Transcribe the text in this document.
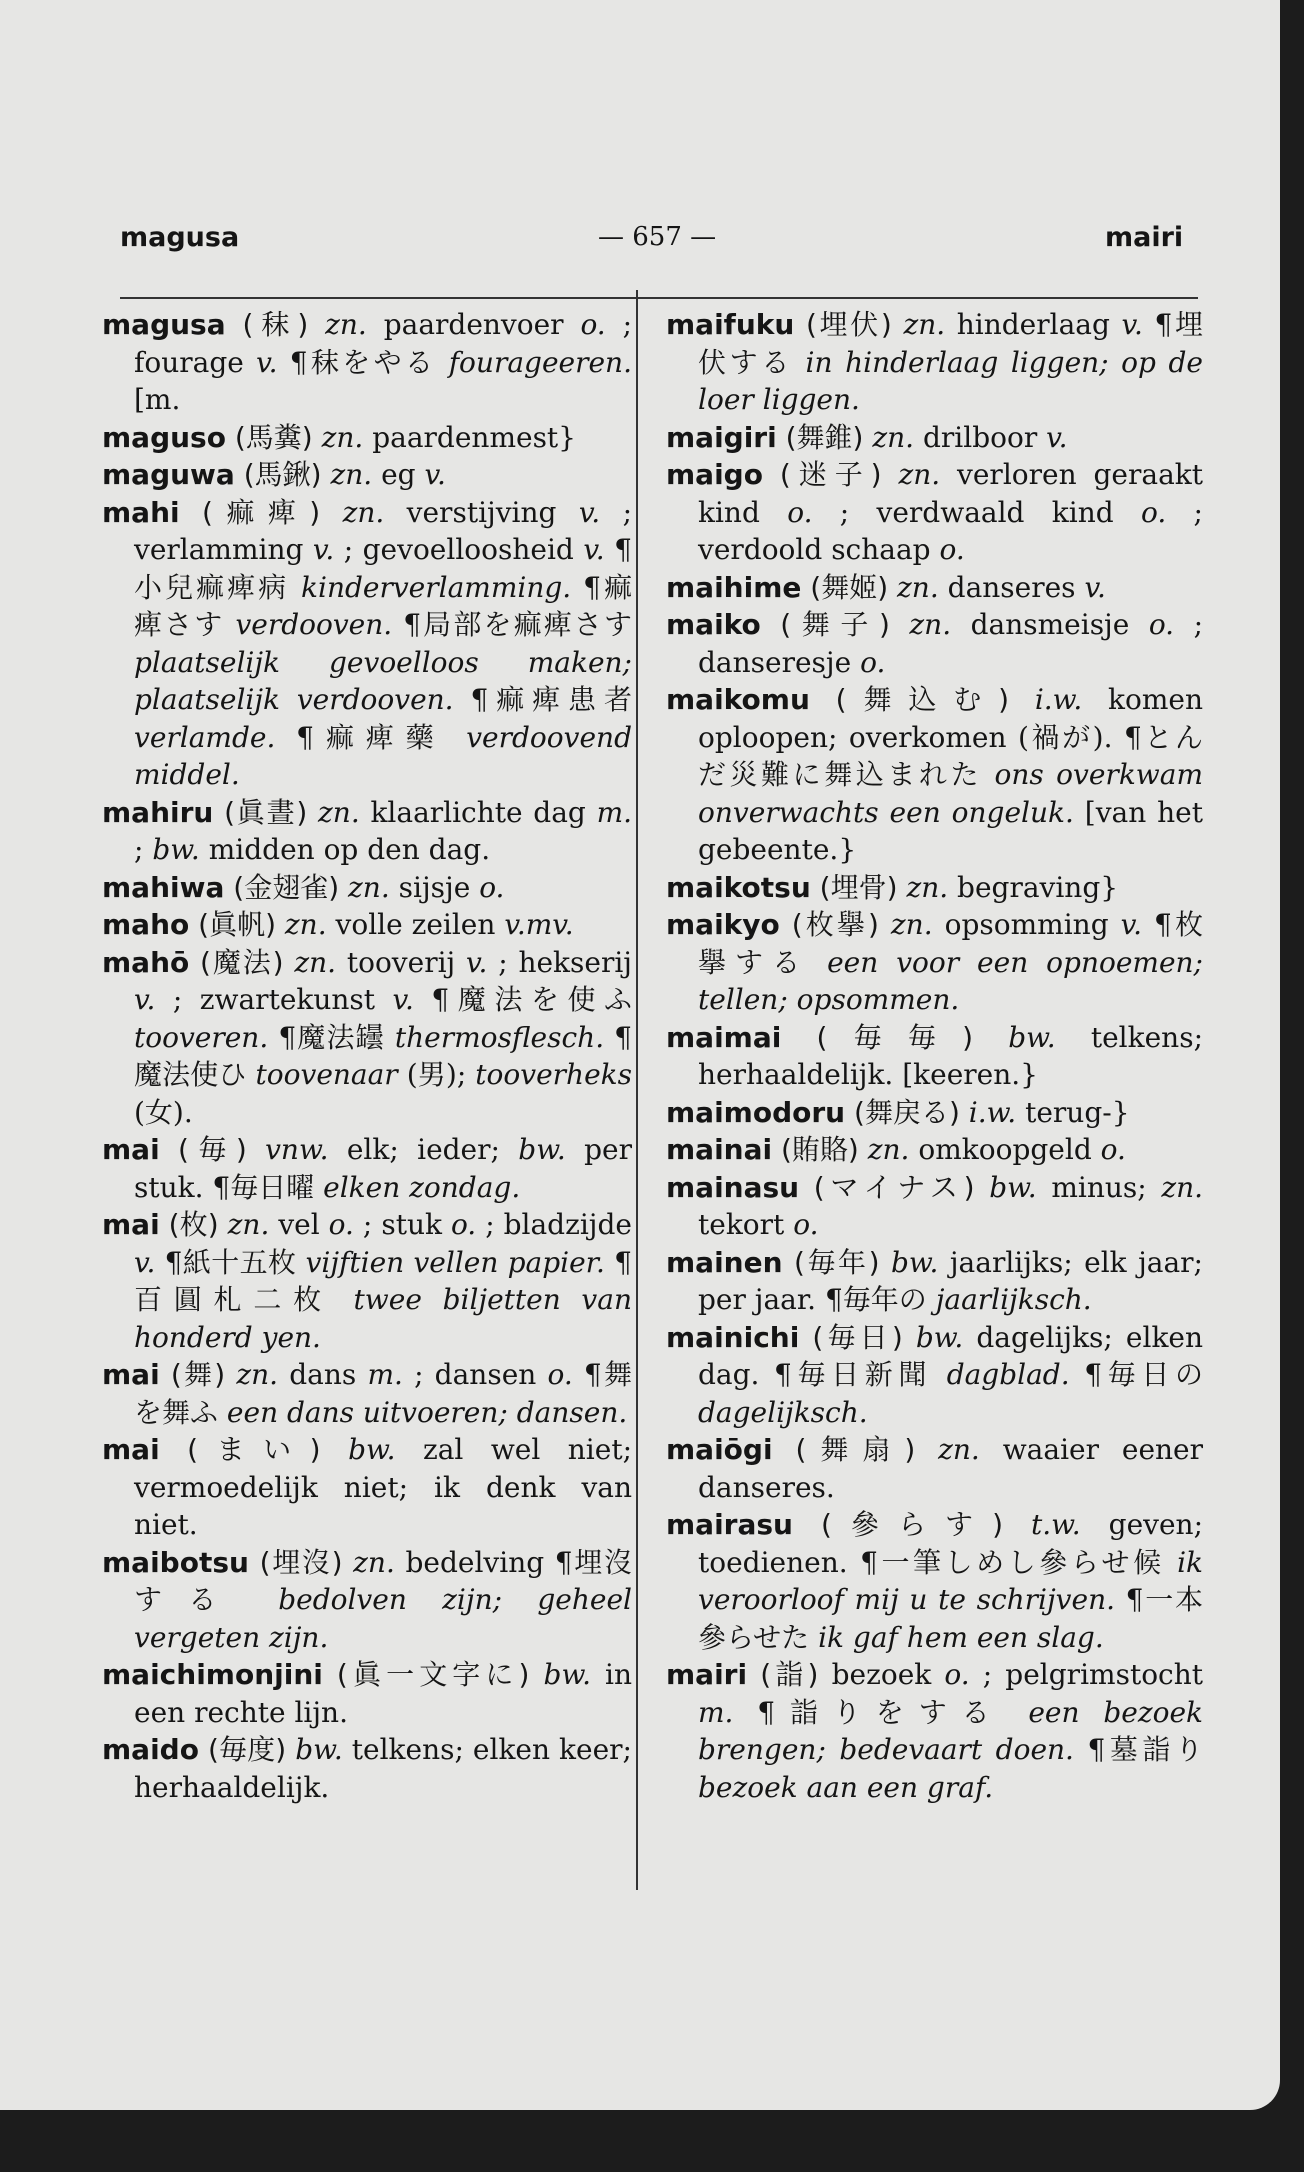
magusa	— 657 —	mairi

magusa (秣) zn. paardenvoer o. ; fourage v. ¶秣をやる fouragееren. [m.

maguso (馬糞) zn. paardenmest}

maguwa (馬鍬) zn. eg v.

mahi (痲痺) zn. verstijving v. ; verlamming v. ; gevoelloosheid v. ¶小兒痲痺病 kinderverlamming. ¶痲痺さす verdooven. ¶局部を痲痺さす plaatselijk gevoelloos maken; plaatselijk verdooven. ¶痲痺患者 verlamde. ¶痲痺藥 verdoovend middel.

mahiru (眞晝) zn. klaarlichte dag m. ; bw. midden op den dag.

mahiwa (金翅雀) zn. sijsje o.

maho (眞帆) zn. volle zeilen v.mv.

mahō (魔法) zn. tooverij v. ; hekserij v. ; zwartekunst v. ¶魔法を使ふ tooveren. ¶魔法罎 thermosflesch. ¶魔法使ひ toovenaar (男); tooverheks (女).

mai (毎) vnw. elk; ieder; bw. per stuk. ¶毎日曜 elken zondag.

mai (枚) zn. vel o. ; stuk o. ; bladzijde v. ¶紙十五枚 vijftien vellen papier. ¶百圓札二枚 twee biljetten van honderd yen.

mai (舞) zn. dans m. ; dansen o. ¶舞を舞ふ een dans uitvoeren; dansen.

mai (まい) bw. zal wel niet; vermoedelijk niet; ik denk van niet.

maibotsu (埋沒) zn. bedelving ¶埋沒する bedolven zijn; geheel vergeten zijn.

maichimonjini (眞一文字に) bw. in een rechte lijn.

maido (毎度) bw. telkens; elken keer; herhaaldelijk.

maifuku (埋伏) zn. hinderlaag v. ¶埋伏する in hinderlaag liggen; op de loer liggen.

maigiri (舞錐) zn. drilboor v.

maigo (迷子) zn. verloren geraakt kind o. ; verdwaald kind o. ; verdoold schaap o.

maihime (舞姬) zn. danseres v.

maiko (舞子) zn. dansmeisje o. ; danseresje o.

maikomu (舞込む) i.w. komen oploopen; overkomen (禍が). ¶とんだ災難に舞込まれた ons overkwam onverwachts een ongeluk. [van het gebeente.}

maikotsu (埋骨) zn. begraving}

maikyo (枚擧) zn. opsomming v. ¶枚擧する een voor een opnoemen; tellen; opsommen.

maimai (毎毎) bw. telkens; herhaaldelijk. [keeren.}

maimodoru (舞戻る) i.w. terug-}

mainai (賄賂) zn. omkoopgeld o.

mainasu (マイナス) bw. minus; zn. tekort o.

mainen (毎年) bw. jaarlijks; elk jaar; per jaar. ¶毎年の jaarlijksch.

mainichi (毎日) bw. dagelijks; elken dag. ¶毎日新聞 dagblad. ¶毎日の dagelijksch.

maiōgi (舞扇) zn. waaier eener danseres.

mairasu (參らす) t.w. geven; toedienen. ¶一筆しめし參らせ候 ik veroorloof mij u te schrijven. ¶一本參らせた ik gaf hem een slag.

mairi (詣) bezoek o. ; pelgrimstocht m. ¶詣りをする een bezoek brengen; bedevaart doen. ¶墓詣り bezoek aan een graf.
